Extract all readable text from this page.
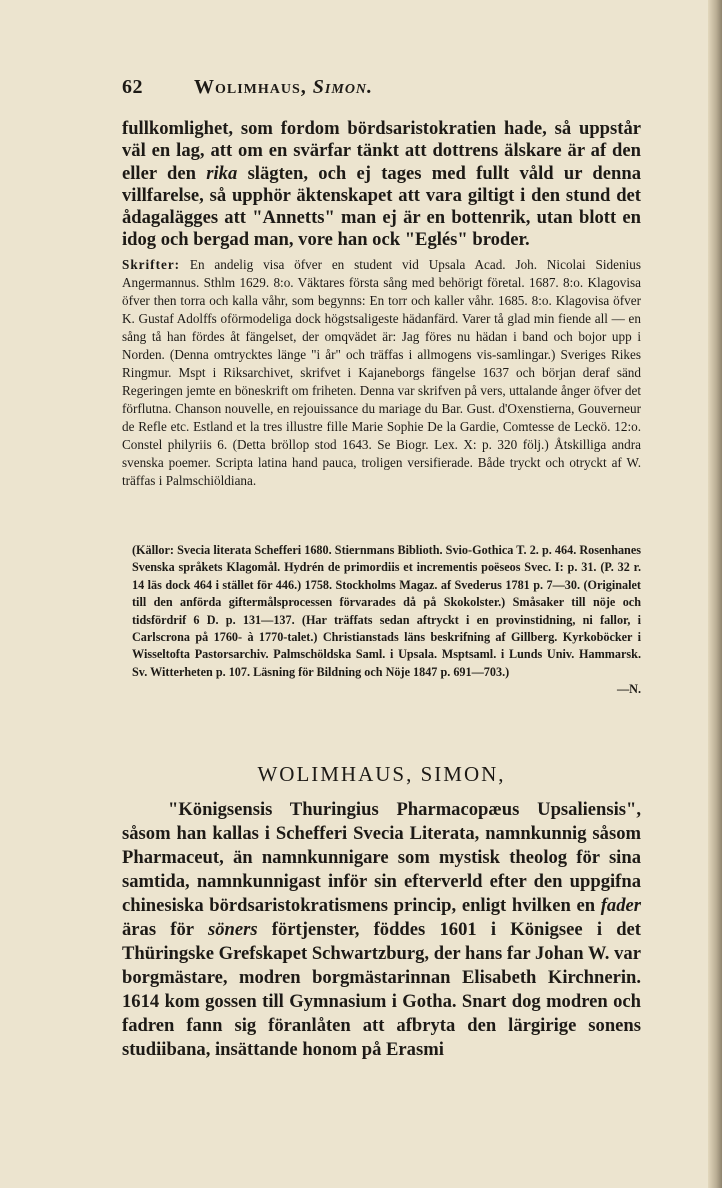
62	Wolimhaus, Simon.
fullkomlighet, som fordom bördsaristokratien hade, så uppstår väl en lag, att om en svärfar tänkt att dottrens älskare är af den eller den rika slägten, och ej tages med fullt våld ur denna villfarelse, så upphör äktenskapet att vara giltigt i den stund det ådagalägges att "Annetts" man ej är en bottenrik, utan blott en idog och bergad man, vore han ock "Eglés" broder.
Skrifter: En andelig visa öfver en student vid Upsala Acad. Joh. Nicolai Sidenius Angermannus. Sthlm 1629. 8:o. Väktares första sång med behörigt företal. 1687. 8:o. Klagovisa öfver then torra och kalla våhr, som begynns: En torr och kaller våhr. 1685. 8:o. Klagovisa öfver K. Gustaf Adolffs oförmodeliga dock högstsaligeste hädanfärd. Varer tå glad min fiende all — en sång tå han fördes åt fängelset, der omqvädet är: Jag föres nu hädan i band och bojor upp i Norden. (Denna omtrycktes länge "i år" och träffas i allmogens vis-samlingar.) Sveriges Rikes Ringmur. Mspt i Riksarchivet, skrifvet i Kajaneborgs fängelse 1637 och början deraf sänd Regeringen jemte en böneskrift om friheten. Denna var skrifven på vers, uttalande ånger öfver det förflutna. Chanson nouvelle, en rejouissance du mariage du Bar. Gust. d'Oxenstierna, Gouverneur de Refle etc. Estland et la tres illustre fille Marie Sophie De la Gardie, Comtesse de Leckö. 12:o. Constel philyriis 6. (Detta bröllop stod 1643. Se Biogr. Lex. X: p. 320 följ.) Åtskilliga andra svenska poemer. Scripta latina hand pauca, troligen versifierade. Både tryckt och otryckt af W. träffas i Palmschiöldiana.
(Källor: Svecia literata Schefferi 1680. Stiernmans Biblioth. Svio-Gothica T. 2. p. 464. Rosenhanes Svenska språkets Klagomål. Hydrén de primordiis et incrementis poëseos Svec. I: p. 31. (P. 32 r. 14 läs dock 464 i stället för 446.) 1758. Stockholms Magaz. af Svederus 1781 p. 7—30. (Originalet till den anförda giftermålsprocessen förvarades då på Skokolster.) Småsaker till nöje och tidsfördrif 6 D. p. 131—137. (Har träffats sedan aftryckt i en provinstidning, ni fallor, i Carlscrona på 1760- à 1770-talet.) Christianstads läns beskrifning af Gillberg. Kyrkoböcker i Wisseltofta Pastorsarchiv. Palmschöldska Saml. i Upsala. Msptsaml. i Lunds Univ. Hammarsk. Sv. Witterheten p. 107. Läsning för Bildning och Nöje 1847 p. 691—703.)
—N.
WOLIMHAUS, SIMON,
"Königsensis Thuringius Pharmacopæus Upsaliensis", såsom han kallas i Schefferi Svecia Literata, namnkunnig såsom Pharmaceut, än namnkunnigare som mystisk theolog för sina samtida, namnkunnigast inför sin efterverld efter den uppgifna chinesiska bördsaristokratismens princip, enligt hvilken en fader äras för söners förtjenster, föddes 1601 i Königsee i det Thüringske Grefskapet Schwartzburg, der hans far Johan W. var borgmästare, modren borgmästarinnan Elisabeth Kirchnerin. 1614 kom gossen till Gymnasium i Gotha. Snart dog modren och fadren fann sig föranlåten att afbryta den lärgirige sonens studiibana, insättande honom på Erasmi
